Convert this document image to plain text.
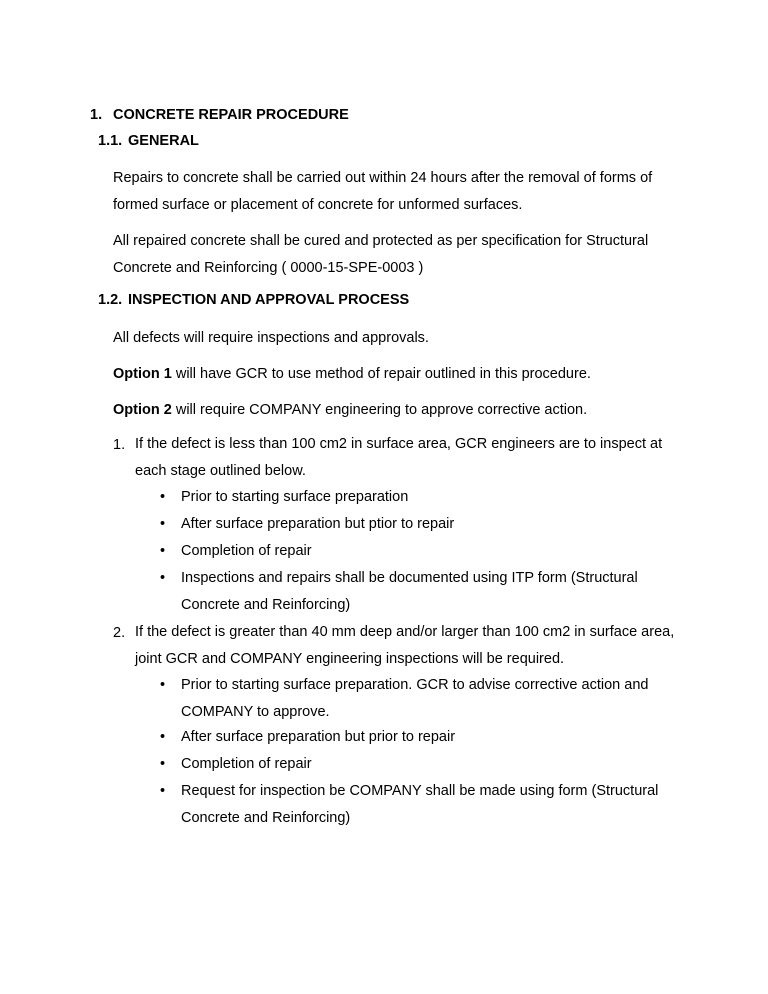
1. CONCRETE REPAIR PROCEDURE
1.1. GENERAL
Repairs to concrete shall be carried out within 24 hours after the removal of forms of formed surface or placement of concrete for unformed surfaces.
All repaired concrete shall be cured and protected as per specification for Structural Concrete and Reinforcing ( 0000-15-SPE-0003 )
1.2. INSPECTION AND APPROVAL PROCESS
All defects will require inspections and approvals.
Option 1 will have GCR to use method of repair outlined in this procedure.
Option 2 will require COMPANY engineering to approve corrective action.
1. If the defect is less than 100 cm2 in surface area, GCR engineers are to inspect at each stage outlined below.
• Prior to starting surface preparation
• After surface preparation but ptior to repair
• Completion of repair
• Inspections and repairs shall be documented using ITP form (Structural Concrete and Reinforcing)
2. If the defect is greater than 40 mm deep and/or larger than 100 cm2 in surface area, joint GCR and COMPANY engineering inspections will be required.
• Prior to starting surface preparation. GCR to advise corrective action and COMPANY to approve.
• After surface preparation but prior to repair
• Completion of repair
• Request for inspection be COMPANY shall be made using form (Structural Concrete and Reinforcing)
